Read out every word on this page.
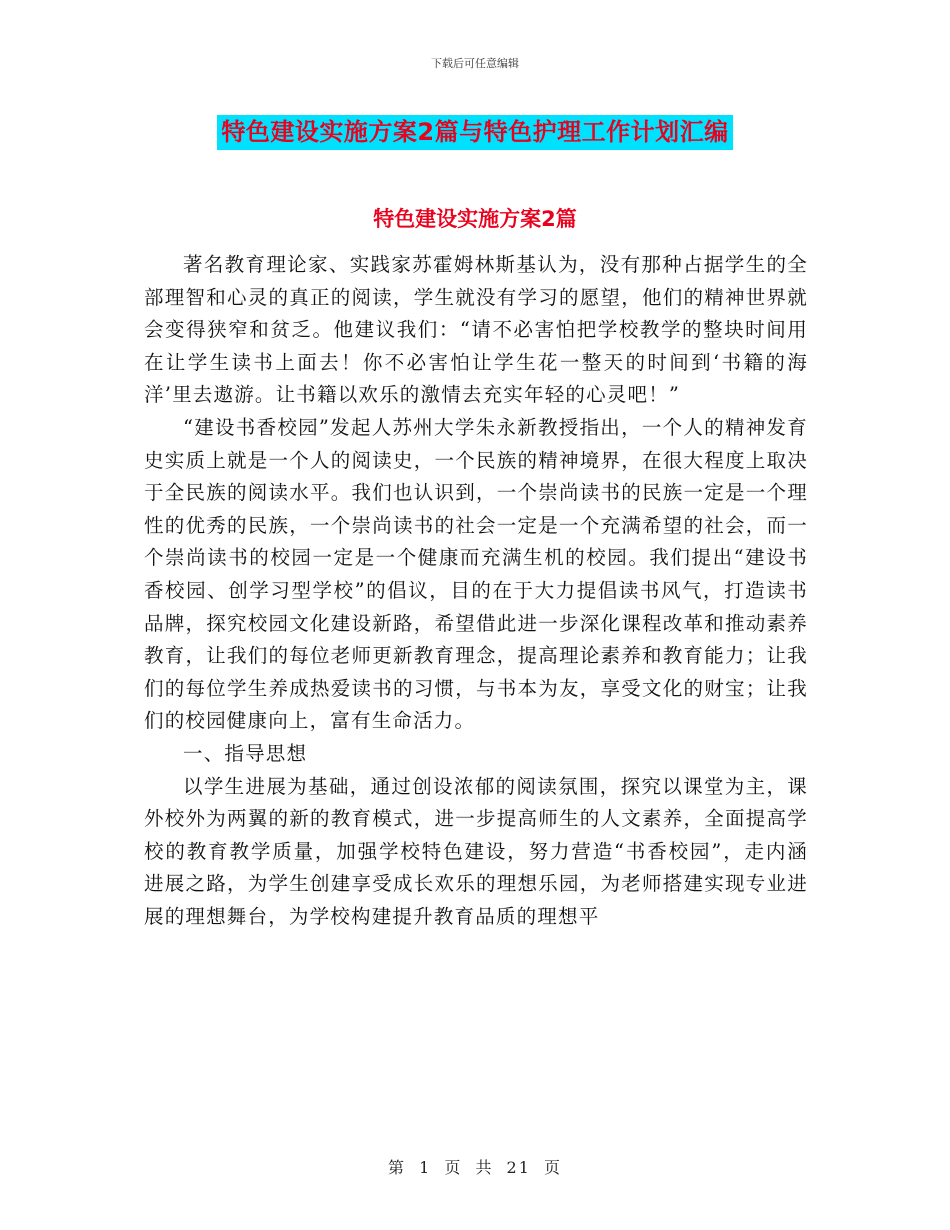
下载后可任意编辑
特色建设实施方案2篇与特色护理工作计划汇编
特色建设实施方案2篇

著名教育理论家、实践家苏霍姆林斯基认为，没有那种占据学生的全部理智和心灵的真正的阅读，学生就没有学习的愿望，他们的精神世界就会变得狭窄和贫乏。他建议我们：“请不必害怕把学校教学的整块时间用在让学生读书上面去！你不必害怕让学生花一整天的时间到‘书籍的海洋’里去遨游。让书籍以欢乐的激情去充实年轻的心灵吧！”

“建设书香校园”发起人苏州大学朱永新教授指出，一个人的精神发育史实质上就是一个人的阅读史，一个民族的精神境界，在很大程度上取决于全民族的阅读水平。我们也认识到，一个崇尚读书的民族一定是一个理性的优秀的民族，一个崇尚读书的社会一定是一个充满希望的社会，而一个崇尚读书的校园一定是一个健康而充满生机的校园。我们提出“建设书香校园、创学习型学校”的倡议，目的在于大力提倡读书风气，打造读书品牌，探究校园文化建设新路，希望借此进一步深化课程改革和推动素养教育，让我们的每位老师更新教育理念，提高理论素养和教育能力；让我们的每位学生养成热爱读书的习惯，与书本为友，享受文化的财宝；让我们的校园健康向上，富有生命活力。

一、指导思想

以学生进展为基础，通过创设浓郁的阅读氛围，探究以课堂为主，课外校外为两翼的新的教育模式，进一步提高师生的人文素养，全面提高学校的教育教学质量，加强学校特色建设，努力营造“书香校园”，走内涵进展之路，为学生创建享受成长欢乐的理想乐园，为老师搭建实现专业进展的理想舞台，为学校构建提升教育品质的理想平

第 1 页 共 21 页
